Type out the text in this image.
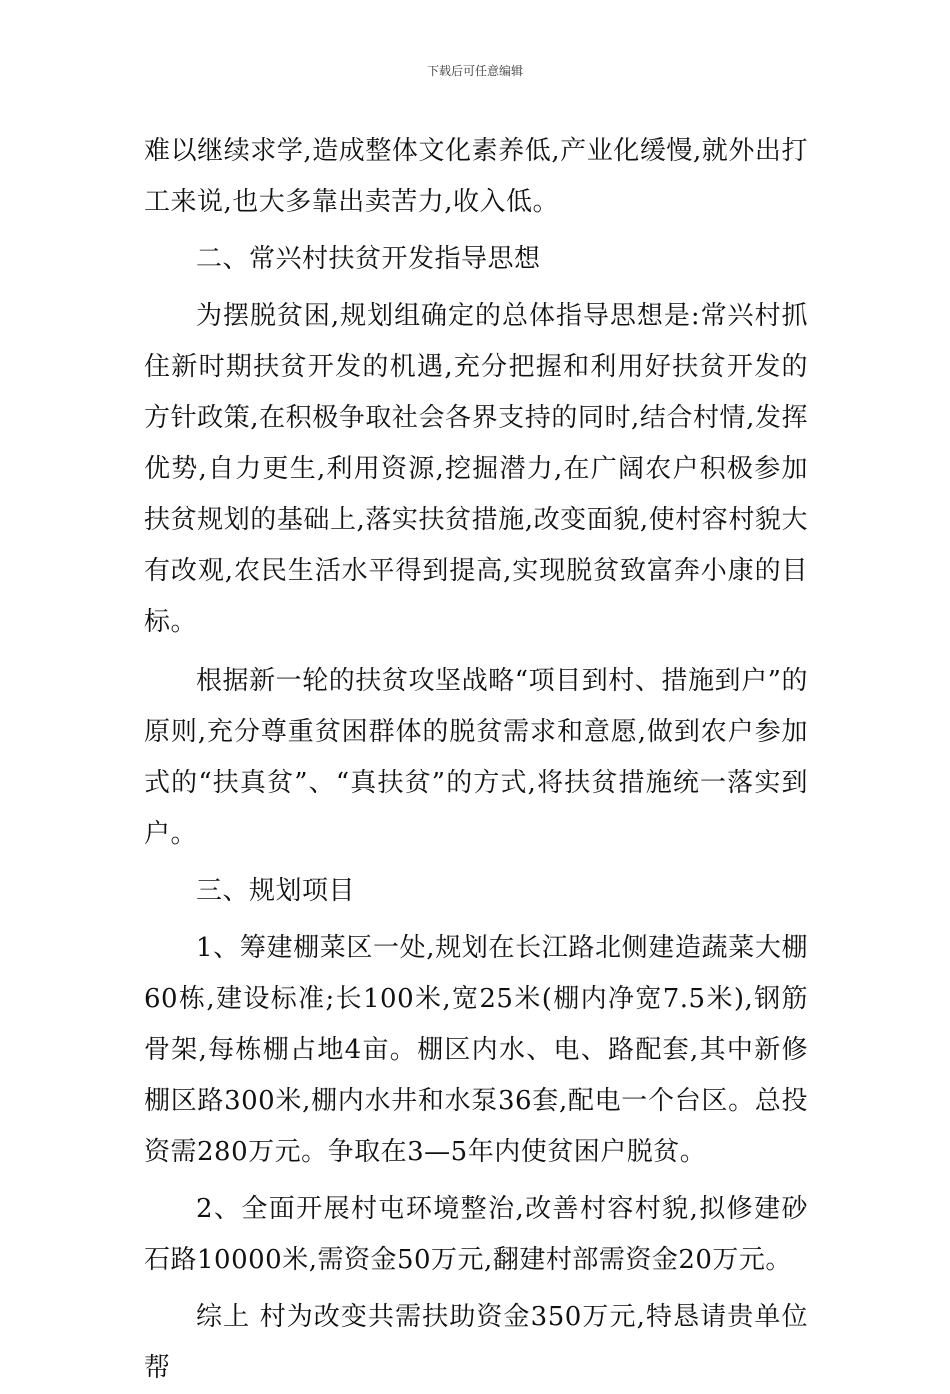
下载后可任意编辑

难以继续求学,造成整体文化素养低,产业化缓慢,就外出打工来说,也大多靠出卖苦力,收入低。

二、常兴村扶贫开发指导思想

为摆脱贫困,规划组确定的总体指导思想是:常兴村抓住新时期扶贫开发的机遇,充分把握和利用好扶贫开发的方针政策,在积极争取社会各界支持的同时,结合村情,发挥优势,自力更生,利用资源,挖掘潜力,在广阔农户积极参加扶贫规划的基础上,落实扶贫措施,改变面貌,使村容村貌大有改观,农民生活水平得到提高,实现脱贫致富奔小康的目标。

根据新一轮的扶贫攻坚战略“项目到村、措施到户”的原则,充分尊重贫困群体的脱贫需求和意愿,做到农户参加式的“扶真贫”、“真扶贫”的方式,将扶贫措施统一落实到户。

三、规划项目

1、筹建棚菜区一处,规划在长江路北侧建造蔬菜大棚60栋,建设标准;长100米,宽25米(棚内净宽7.5米),钢筋骨架,每栋棚占地4亩。棚区内水、电、路配套,其中新修棚区路300米,棚内水井和水泵36套,配电一个台区。总投资需280万元。争取在3—5年内使贫困户脱贫。

2、全面开展村屯环境整治,改善村容村貌,拟修建砂石路10000米,需资金50万元,翻建村部需资金20万元。

综上 村为改变共需扶助资金350万元,特恳请贵单位帮
